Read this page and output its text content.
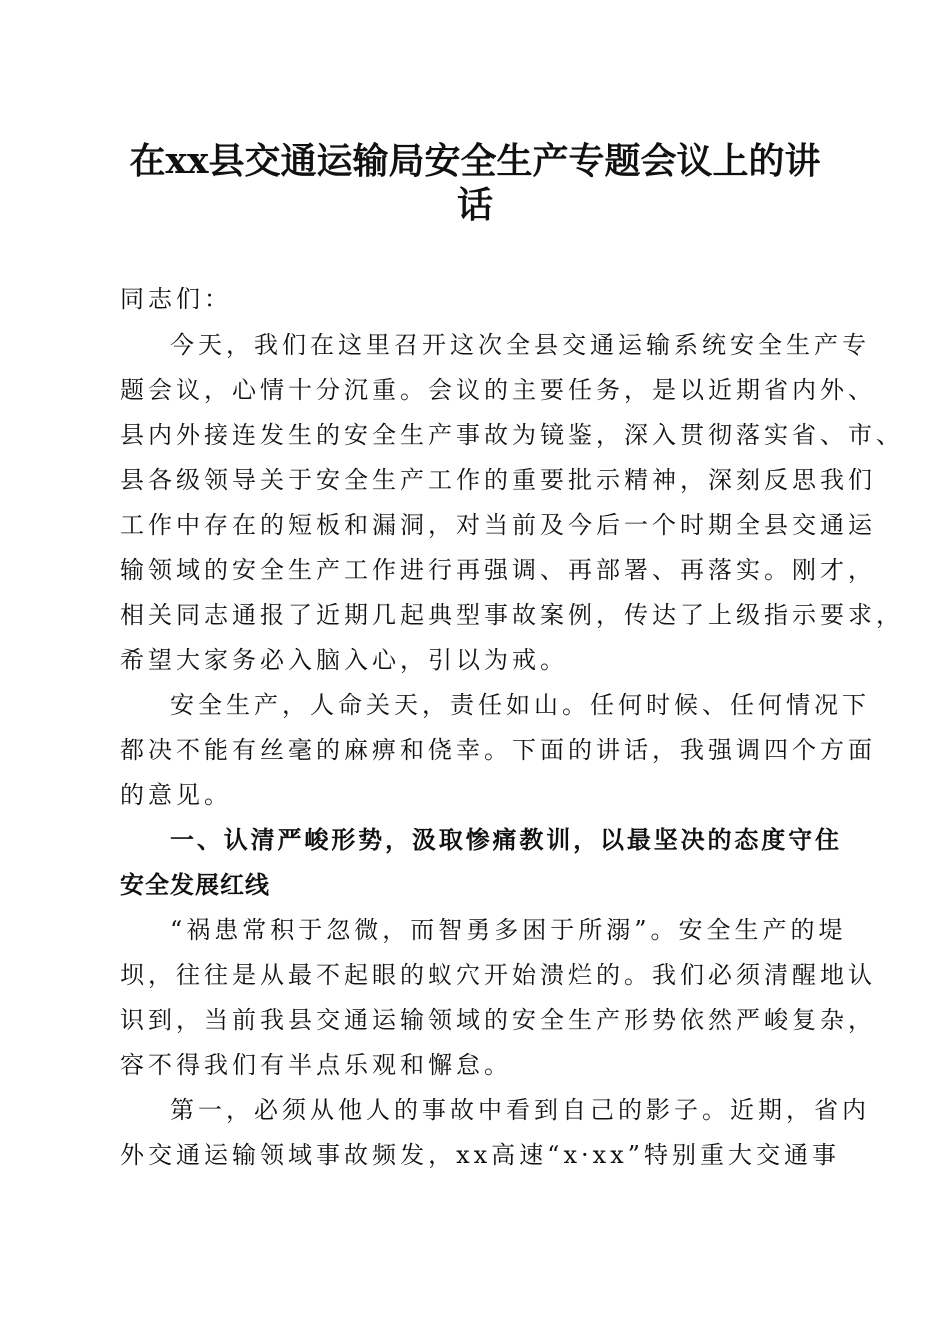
在xx县交通运输局安全生产专题会议上的讲
话
同志们：
今天，我们在这里召开这次全县交通运输系统安全生产专
题会议，心情十分沉重。会议的主要任务，是以近期省内外、
县内外接连发生的安全生产事故为镜鉴，深入贯彻落实省、市、
县各级领导关于安全生产工作的重要批示精神，深刻反思我们
工作中存在的短板和漏洞，对当前及今后一个时期全县交通运
输领域的安全生产工作进行再强调、再部署、再落实。刚才，
相关同志通报了近期几起典型事故案例，传达了上级指示要求，
希望大家务必入脑入心，引以为戒。
安全生产，人命关天，责任如山。任何时候、任何情况下
都决不能有丝毫的麻痹和侥幸。下面的讲话，我强调四个方面
的意见。
一、认清严峻形势，汲取惨痛教训，以最坚决的态度守住
安全发展红线
“祸患常积于忽微，而智勇多困于所溺”。安全生产的堤
坝，往往是从最不起眼的蚁穴开始溃烂的。我们必须清醒地认
识到，当前我县交通运输领域的安全生产形势依然严峻复杂，
容不得我们有半点乐观和懈怠。
第一，必须从他人的事故中看到自己的影子。近期，省内
外交通运输领域事故频发，xx高速“x·xx”特别重大交通事
